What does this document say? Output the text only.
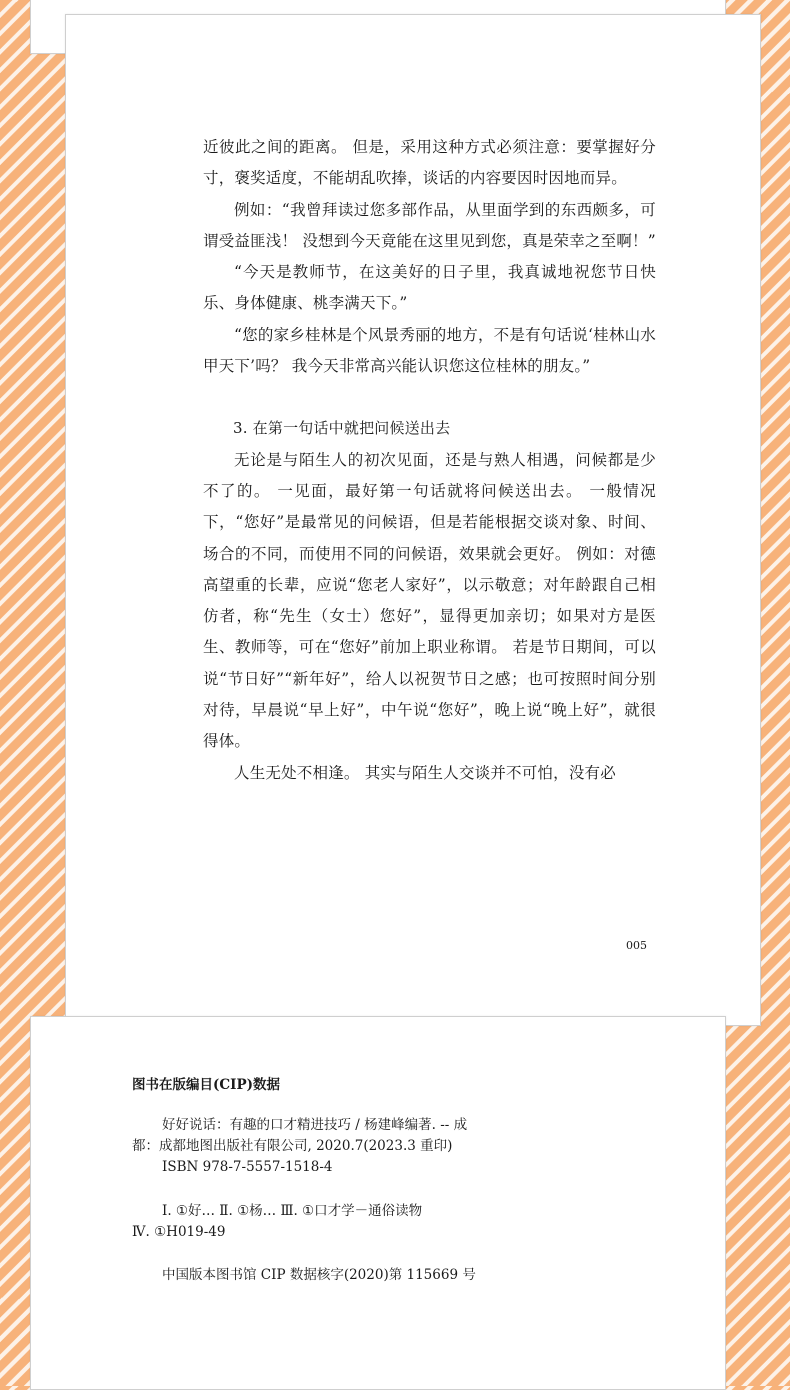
近彼此之间的距离。 但是，采用这种方式必须注意：要掌握好分寸，褒奖适度，不能胡乱吹捧，谈话的内容要因时因地而异。

例如：“我曾拜读过您多部作品，从里面学到的东西颇多，可谓受益匪浅！ 没想到今天竟能在这里见到您，真是荣幸之至啊！”

“今天是教师节，在这美好的日子里，我真诚地祝您节日快乐、身体健康、桃李满天下。”

“您的家乡桂林是个风景秀丽的地方，不是有句话说‘桂林山水甲天下’吗？ 我今天非常高兴能认识您这位桂林的朋友。”

3. 在第一句话中就把问候送出去

无论是与陌生人的初次见面，还是与熟人相遇，问候都是少不了的。 一见面，最好第一句话就将问候送出去。 一般情况下，“您好”是最常见的问候语，但是若能根据交谈对象、时间、场合的不同，而使用不同的问候语，效果就会更好。 例如：对德高望重的长辈，应说“您老人家好”，以示敬意；对年龄跟自己相仿者，称“先生（女士）您好”，显得更加亲切；如果对方是医生、教师等，可在“您好”前加上职业称谓。 若是节日期间，可以说“节日好”“新年好”，给人以祝贺节日之感；也可按照时间分别对待，早晨说“早上好”，中午说“您好”，晚上说“晚上好”，就很得体。

人生无处不相逢。 其实与陌生人交谈并不可怕，没有必

005
图书在版编目(CIP)数据
好好说话：有趣的口才精进技巧 / 杨建峰编著. -- 成
都：成都地图出版社有限公司, 2020.7(2023.3 重印)
ISBN 978-7-5557-1518-4
Ⅰ. ①好… Ⅱ. ①杨… Ⅲ. ①口才学－通俗读物
Ⅳ. ①H019-49
中国版本图书馆 CIP 数据核字(2020)第 115669 号
